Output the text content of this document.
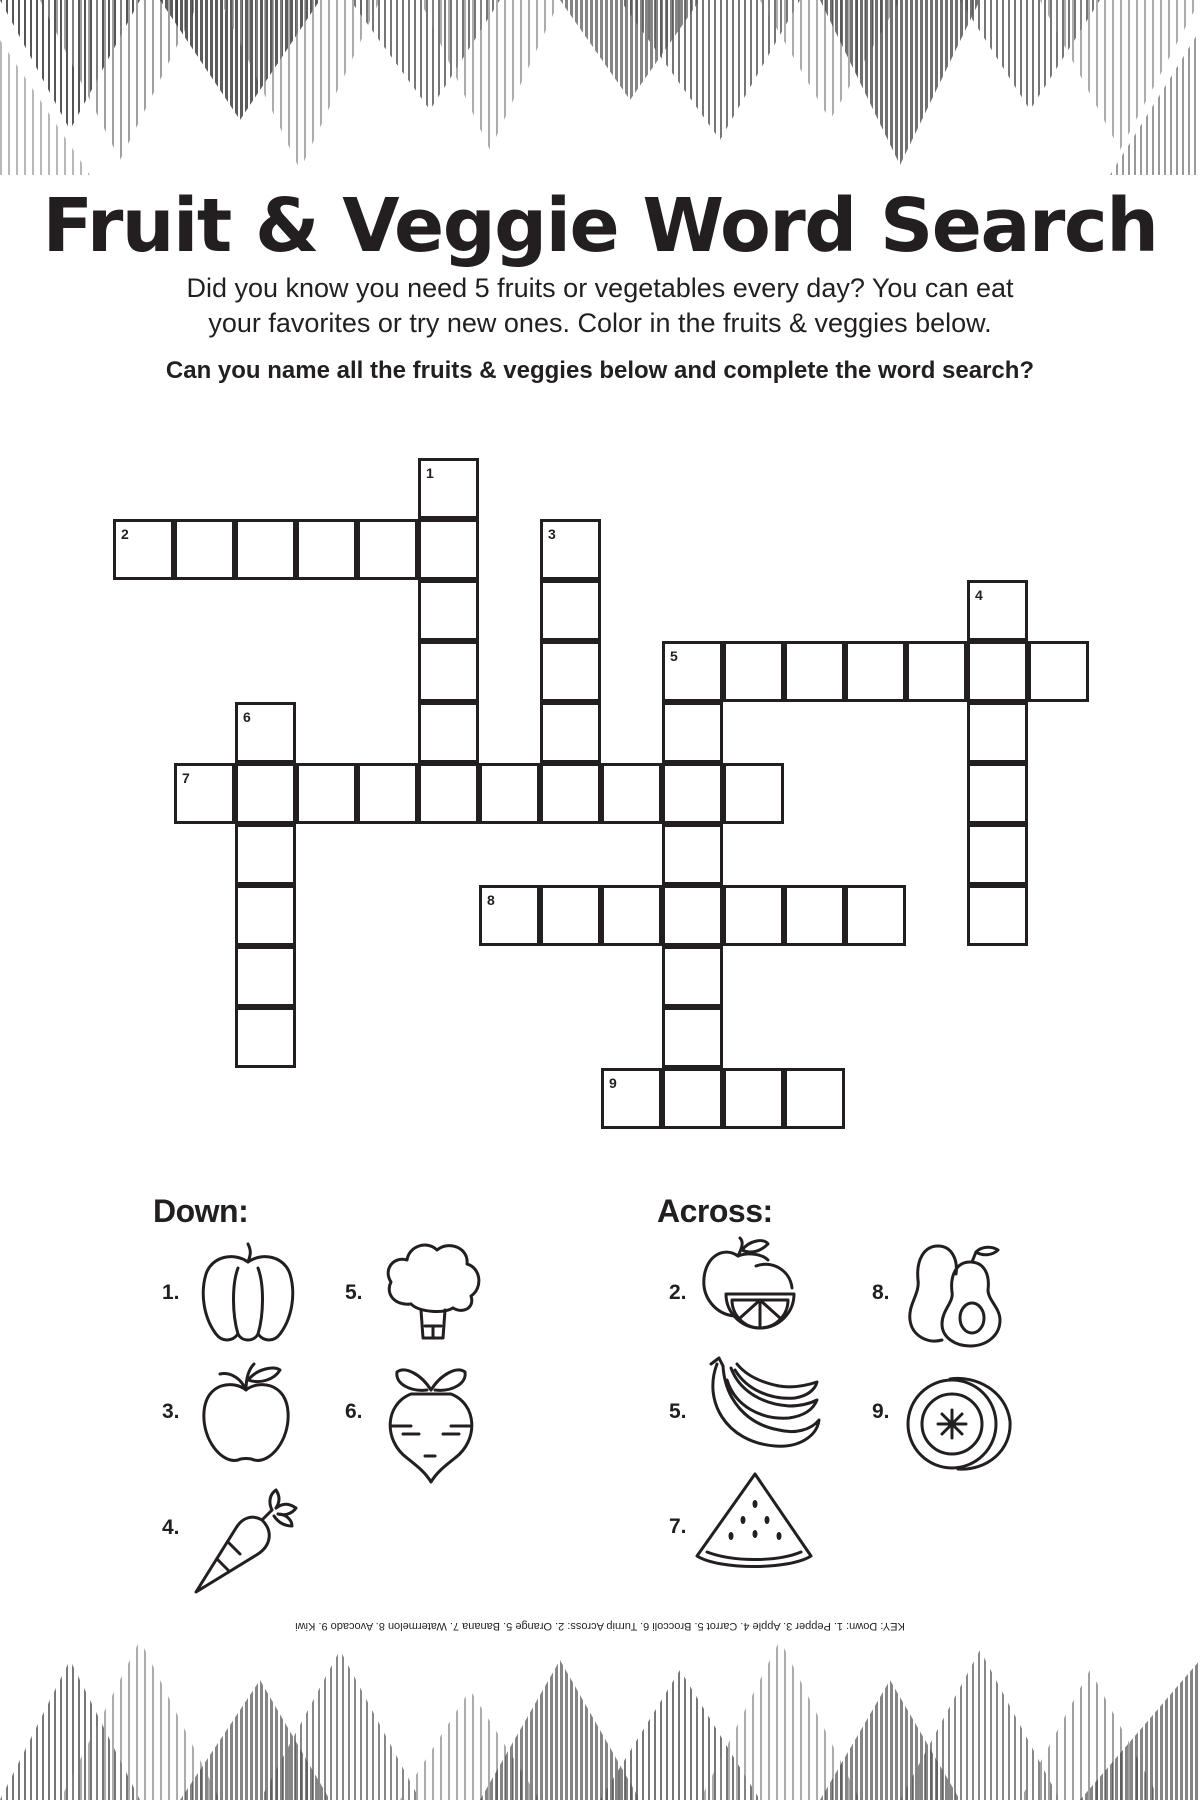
Fruit & Veggie Word Search
Did you know you need 5 fruits or vegetables every day? You can eat
your favorites or try new ones. Color in the fruits & veggies below.
Can you name all the fruits & veggies below and complete the word search?
1
2	3
4
5
6
7
8
9
Down:
1.	5.
3.	6.
4.
Across:
2.	8.
5.	9.
7.
KEY: Down: 1. Pepper 3. Apple 4. Carrot 5. Broccoli 6. Turnip Across: 2. Orange 5. Banana 7. Watermelon 8. Avocado 9. Kiwi
